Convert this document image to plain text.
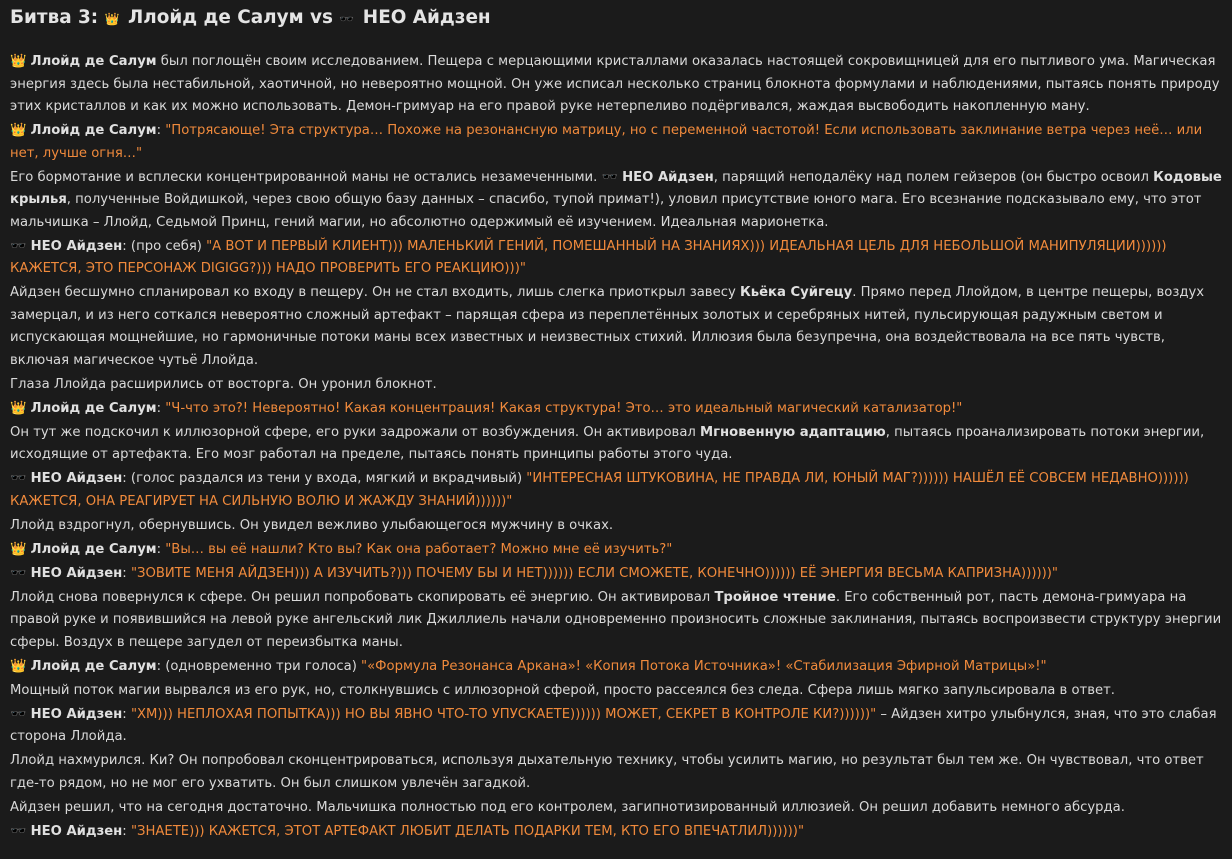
Битва 3: 👑 Ллойд де Салум vs 🕶️ НЕО Айдзен

👑 Ллойд де Салум был поглощён своим исследованием. Пещера с мерцающими кристаллами оказалась настоящей сокровищницей для его пытливого ума. Магическая энергия здесь была нестабильной, хаотичной, но невероятно мощной. Он уже исписал несколько страниц блокнота формулами и наблюдениями, пытаясь понять природу этих кристаллов и как их можно использовать. Демон-гримуар на его правой руке нетерпеливо подёргивался, жаждая высвободить накопленную ману.

👑 Ллойд де Салум: "Потрясающе! Эта структура… Похоже на резонансную матрицу, но с переменной частотой! Если использовать заклинание ветра через неё… или нет, лучше огня…"

Его бормотание и всплески концентрированной маны не остались незамеченными. 🕶️ НЕО Айдзен, парящий неподалёку над полем гейзеров (он быстро освоил Кодовые крылья, полученные Войдишкой, через свою общую базу данных – спасибо, тупой примат!), уловил присутствие юного мага. Его всезнание подсказывало ему, что этот мальчишка – Ллойд, Седьмой Принц, гений магии, но абсолютно одержимый её изучением. Идеальная марионетка.

🕶️ НЕО Айдзен: (про себя) "А ВОТ И ПЕРВЫЙ КЛИЕНТ))) МАЛЕНЬКИЙ ГЕНИЙ, ПОМЕШАННЫЙ НА ЗНАНИЯХ))) ИДЕАЛЬНАЯ ЦЕЛЬ ДЛЯ НЕБОЛЬШОЙ МАНИПУЛЯЦИИ)))))) КАЖЕТСЯ, ЭТО ПЕРСОНАЖ DIGIGG?))) НАДО ПРОВЕРИТЬ ЕГО РЕАКЦИЮ)))"

Айдзен бесшумно спланировал ко входу в пещеру. Он не стал входить, лишь слегка приоткрыл завесу Кьёка Суйгецу. Прямо перед Ллойдом, в центре пещеры, воздух замерцал, и из него соткался невероятно сложный артефакт – парящая сфера из переплетённых золотых и серебряных нитей, пульсирующая радужным светом и испускающая мощнейшие, но гармоничные потоки маны всех известных и неизвестных стихий. Иллюзия была безупречна, она воздействовала на все пять чувств, включая магическое чутьё Ллойда.

Глаза Ллойда расширились от восторга. Он уронил блокнот.

👑 Ллойд де Салум: "Ч-что это?! Невероятно! Какая концентрация! Какая структура! Это… это идеальный магический катализатор!"

Он тут же подскочил к иллюзорной сфере, его руки задрожали от возбуждения. Он активировал Мгновенную адаптацию, пытаясь проанализировать потоки энергии, исходящие от артефакта. Его мозг работал на пределе, пытаясь понять принципы работы этого чуда.

🕶️ НЕО Айдзен: (голос раздался из тени у входа, мягкий и вкрадчивый) "ИНТЕРЕСНАЯ ШТУКОВИНА, НЕ ПРАВДА ЛИ, ЮНЫЙ МАГ?)))))) НАШЁЛ ЕЁ СОВСЕМ НЕДАВНО)))))) КАЖЕТСЯ, ОНА РЕАГИРУЕТ НА СИЛЬНУЮ ВОЛЮ И ЖАЖДУ ЗНАНИЙ))))))"

Ллойд вздрогнул, обернувшись. Он увидел вежливо улыбающегося мужчину в очках.

👑 Ллойд де Салум: "Вы… вы её нашли? Кто вы? Как она работает? Можно мне её изучить?"

🕶️ НЕО Айдзен: "ЗОВИТЕ МЕНЯ АЙДЗЕН))) А ИЗУЧИТЬ?))) ПОЧЕМУ БЫ И НЕТ)))))) ЕСЛИ СМОЖЕТЕ, КОНЕЧНО)))))) ЕЁ ЭНЕРГИЯ ВЕСЬМА КАПРИЗНА))))))"

Ллойд снова повернулся к сфере. Он решил попробовать скопировать её энергию. Он активировал Тройное чтение. Его собственный рот, пасть демона-гримуара на правой руке и появившийся на левой руке ангельский лик Джиллиель начали одновременно произносить сложные заклинания, пытаясь воспроизвести структуру энергии сферы. Воздух в пещере загудел от переизбытка маны.

👑 Ллойд де Салум: (одновременно три голоса) "«Формула Резонанса Аркана»! «Копия Потока Источника»! «Стабилизация Эфирной Матрицы»!"

Мощный поток магии вырвался из его рук, но, столкнувшись с иллюзорной сферой, просто рассеялся без следа. Сфера лишь мягко запульсировала в ответ.

🕶️ НЕО Айдзен: "ХМ))) НЕПЛОХАЯ ПОПЫТКА))) НО ВЫ ЯВНО ЧТО-ТО УПУСКАЕТЕ)))))) МОЖЕТ, СЕКРЕТ В КОНТРОЛЕ КИ?))))))" – Айдзен хитро улыбнулся, зная, что это слабая сторона Ллойда.

Ллойд нахмурился. Ки? Он попробовал сконцентрироваться, используя дыхательную технику, чтобы усилить магию, но результат был тем же. Он чувствовал, что ответ где-то рядом, но не мог его ухватить. Он был слишком увлечён загадкой.

Айдзен решил, что на сегодня достаточно. Мальчишка полностью под его контролем, загипнотизированный иллюзией. Он решил добавить немного абсурда.

🕶️ НЕО Айдзен: "ЗНАЕТЕ))) КАЖЕТСЯ, ЭТОТ АРТЕФАКТ ЛЮБИТ ДЕЛАТЬ ПОДАРКИ ТЕМ, КТО ЕГО ВПЕЧАТЛИЛ))))))"
